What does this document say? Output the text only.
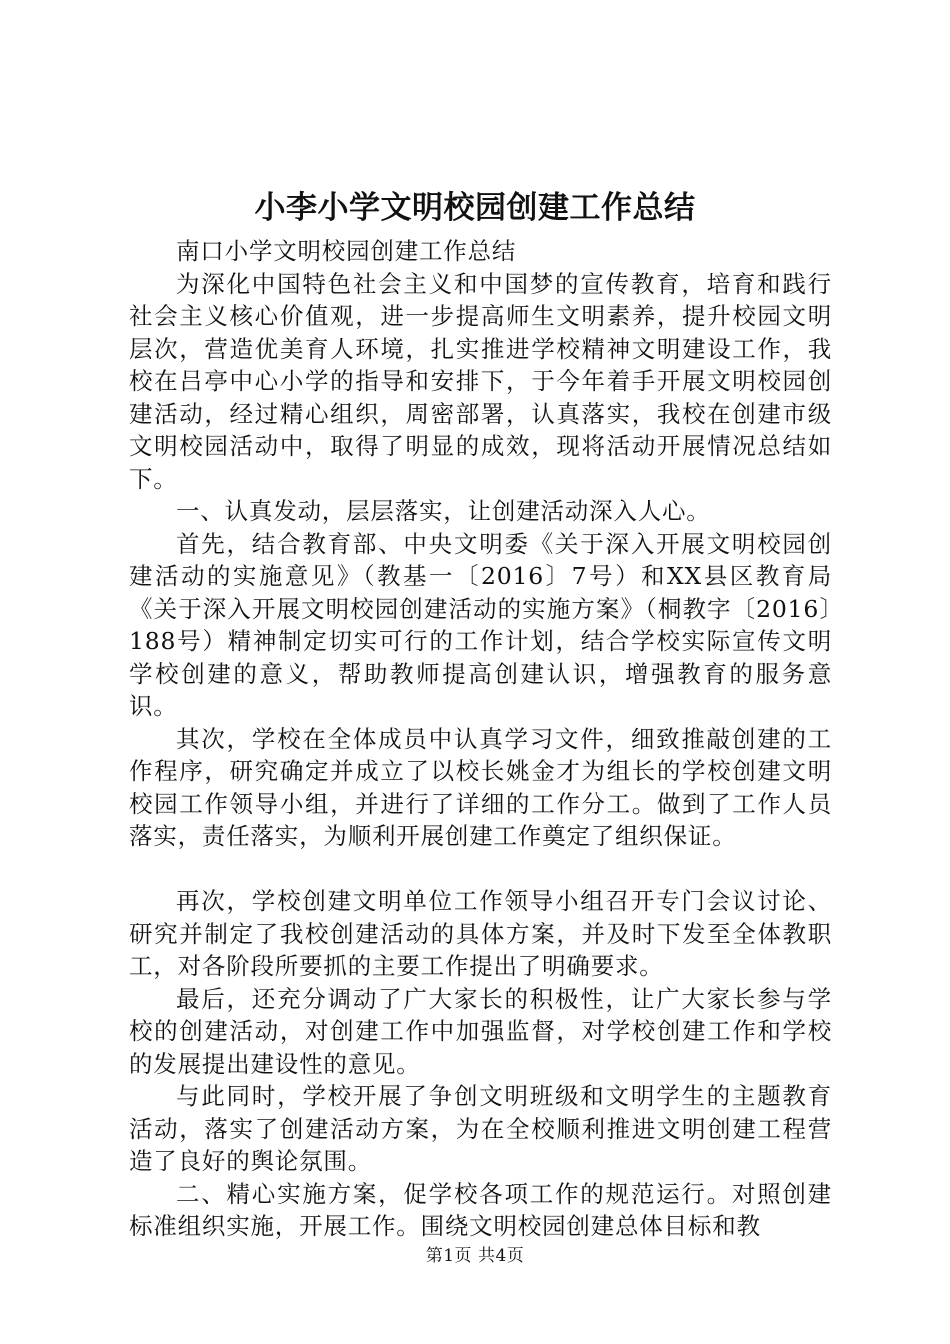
小李小学文明校园创建工作总结

南口小学文明校园创建工作总结

为深化中国特色社会主义和中国梦的宣传教育，培育和践行社会主义核心价值观，进一步提高师生文明素养，提升校园文明层次，营造优美育人环境，扎实推进学校精神文明建设工作，我校在吕亭中心小学的指导和安排下，于今年着手开展文明校园创建活动，经过精心组织，周密部署，认真落实，我校在创建市级文明校园活动中，取得了明显的成效，现将活动开展情况总结如下。

一、认真发动，层层落实，让创建活动深入人心。

首先，结合教育部、中央文明委《关于深入开展文明校园创建活动的实施意见》（教基一〔2016〕7号）和XX县区教育局《关于深入开展文明校园创建活动的实施方案》（桐教字〔2016〕188号）精神制定切实可行的工作计划，结合学校实际宣传文明学校创建的意义，帮助教师提高创建认识，增强教育的服务意识。

其次，学校在全体成员中认真学习文件，细致推敲创建的工作程序，研究确定并成立了以校长姚金才为组长的学校创建文明校园工作领导小组，并进行了详细的工作分工。做到了工作人员落实，责任落实，为顺利开展创建工作奠定了组织保证。

再次，学校创建文明单位工作领导小组召开专门会议讨论、研究并制定了我校创建活动的具体方案，并及时下发至全体教职工，对各阶段所要抓的主要工作提出了明确要求。

最后，还充分调动了广大家长的积极性，让广大家长参与学校的创建活动，对创建工作中加强监督，对学校创建工作和学校的发展提出建设性的意见。

与此同时，学校开展了争创文明班级和文明学生的主题教育活动，落实了创建活动方案，为在全校顺利推进文明创建工程营造了良好的舆论氛围。

二、精心实施方案，促学校各项工作的规范运行。对照创建标准组织实施，开展工作。围绕文明校园创建总体目标和教

第1页 共4页
